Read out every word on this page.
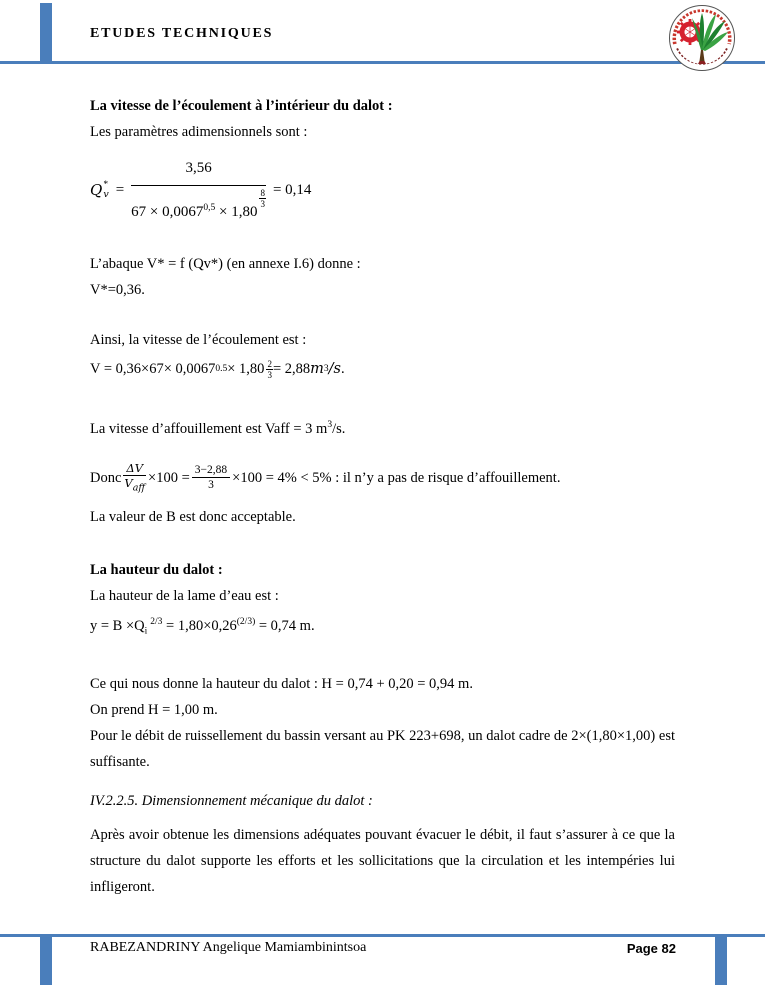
ETUDES TECHNIQUES

La vitesse de l’écoulement à l’intérieur du dalot :

Les paramètres adimensionnels sont :

Q *
v = 3,56
$67 \times 0,0067^{0,5} \times 1,80$
$\frac{8}{3} = 0,14$

L’abaque V* = f (Qv*) (en annexe I.6) donne :

V*=0,36.

Ainsi, la vitesse de l’écoulement est :

V = 0,36×67× 0,0067 $0.5 \times 1,80 \frac{2}{3} = 2,88$ m 3 /s .

La vitesse d’affouillement est Vaff = 3 $m^3/s$.

Donc
ΔV
$V_{aff}$
$\times 100 = \frac{3-2,88}{3} \times 100 = 4\% < 5\%$ : il n’y a pas de risque d’affouillement.

La valeur de B est donc acceptable.

La hauteur du dalot :

La hauteur de la lame d’eau est :

$y = B \times Q_i^{2/3} = 1,80\times 0,26^{(2/3)} = 0,74$ m.

Ce qui nous donne la hauteur du dalot : H = 0,74 + 0,20 = 0,94 m.

On prend H = 1,00 m.

Pour le débit de ruissellement du bassin versant au PK 223+698, un dalot cadre de 2×(1,80×1,00) est suffisante.

IV.2.2.5. Dimensionnement mécanique du dalot :

Après avoir obtenue les dimensions adéquates pouvant évacuer le débit, il faut s’assurer à ce que la structure du dalot supporte les efforts et les sollicitations que la circulation et les intempéries lui infligeront.

RABEZANDRINY Angelique Mamiambinintsoa	Page 82
